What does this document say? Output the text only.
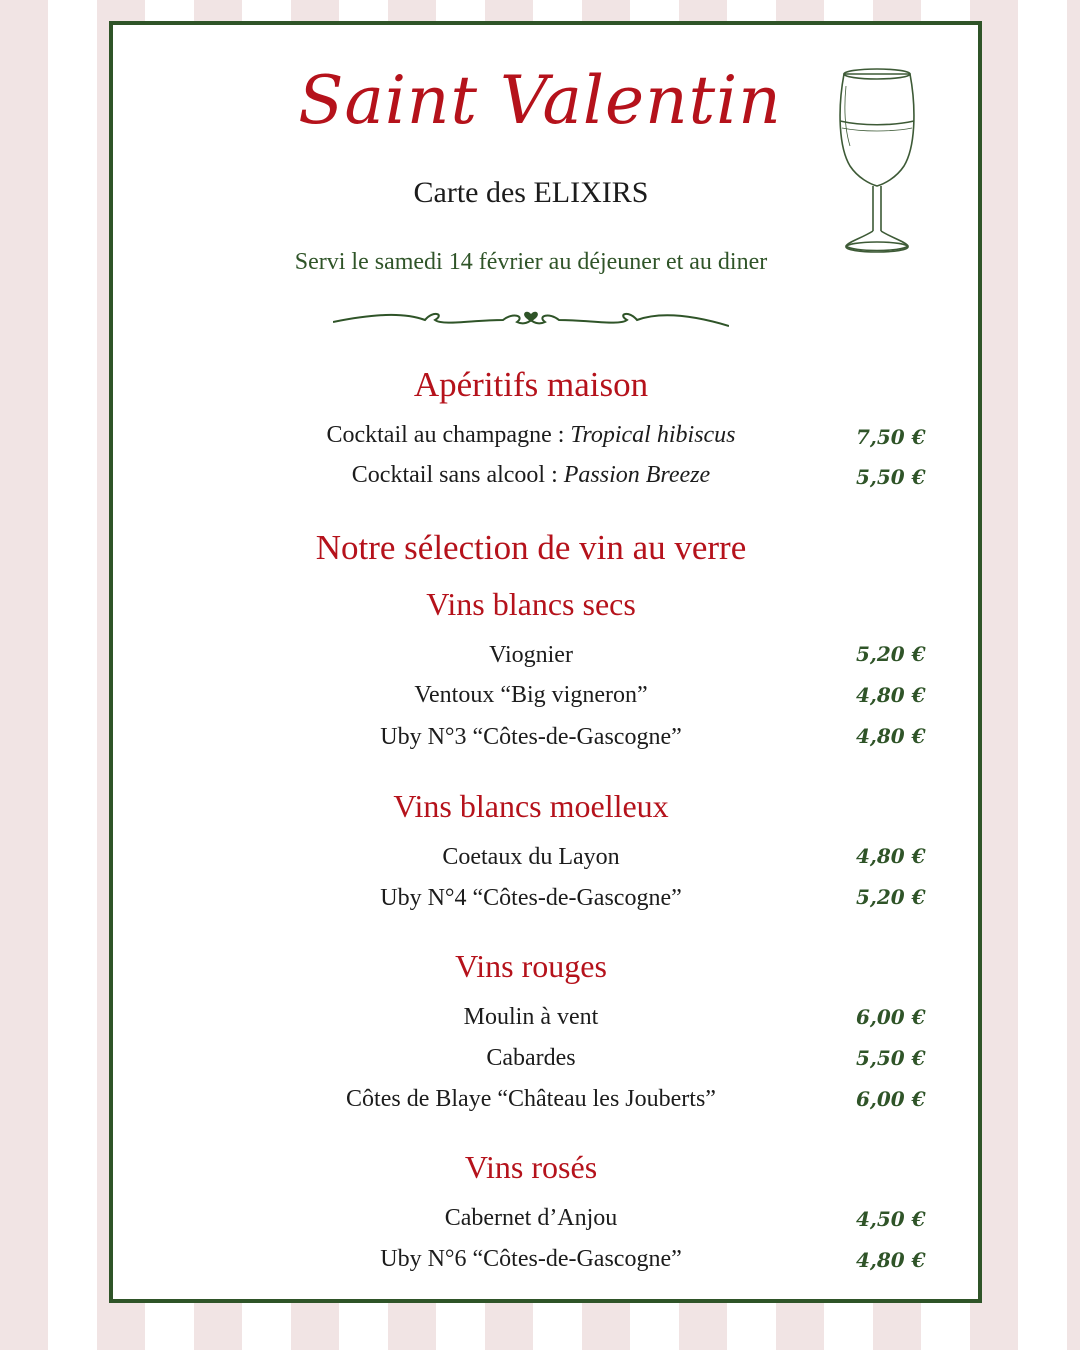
Saint Valentin
Carte des ELIXIRS
Servi le samedi 14 février au déjeuner et au diner
Apéritifs maison
Cocktail au champagne : Tropical hibiscus	7,50 €
Cocktail sans alcool : Passion Breeze	5,50 €
Notre sélection de vin au verre
Vins blancs secs
Viognier	5,20 €
Ventoux “Big vigneron”	4,80 €
Uby N°3 “Côtes-de-Gascogne”	4,80 €
Vins blancs moelleux
Coetaux du Layon	4,80 €
Uby N°4 “Côtes-de-Gascogne”	5,20 €
Vins rouges
Moulin à vent	6,00 €
Cabardes	5,50 €
Côtes de Blaye “Château les Jouberts”	6,00 €
Vins rosés
Cabernet d’Anjou	4,50 €
Uby N°6 “Côtes-de-Gascogne”	4,80 €
